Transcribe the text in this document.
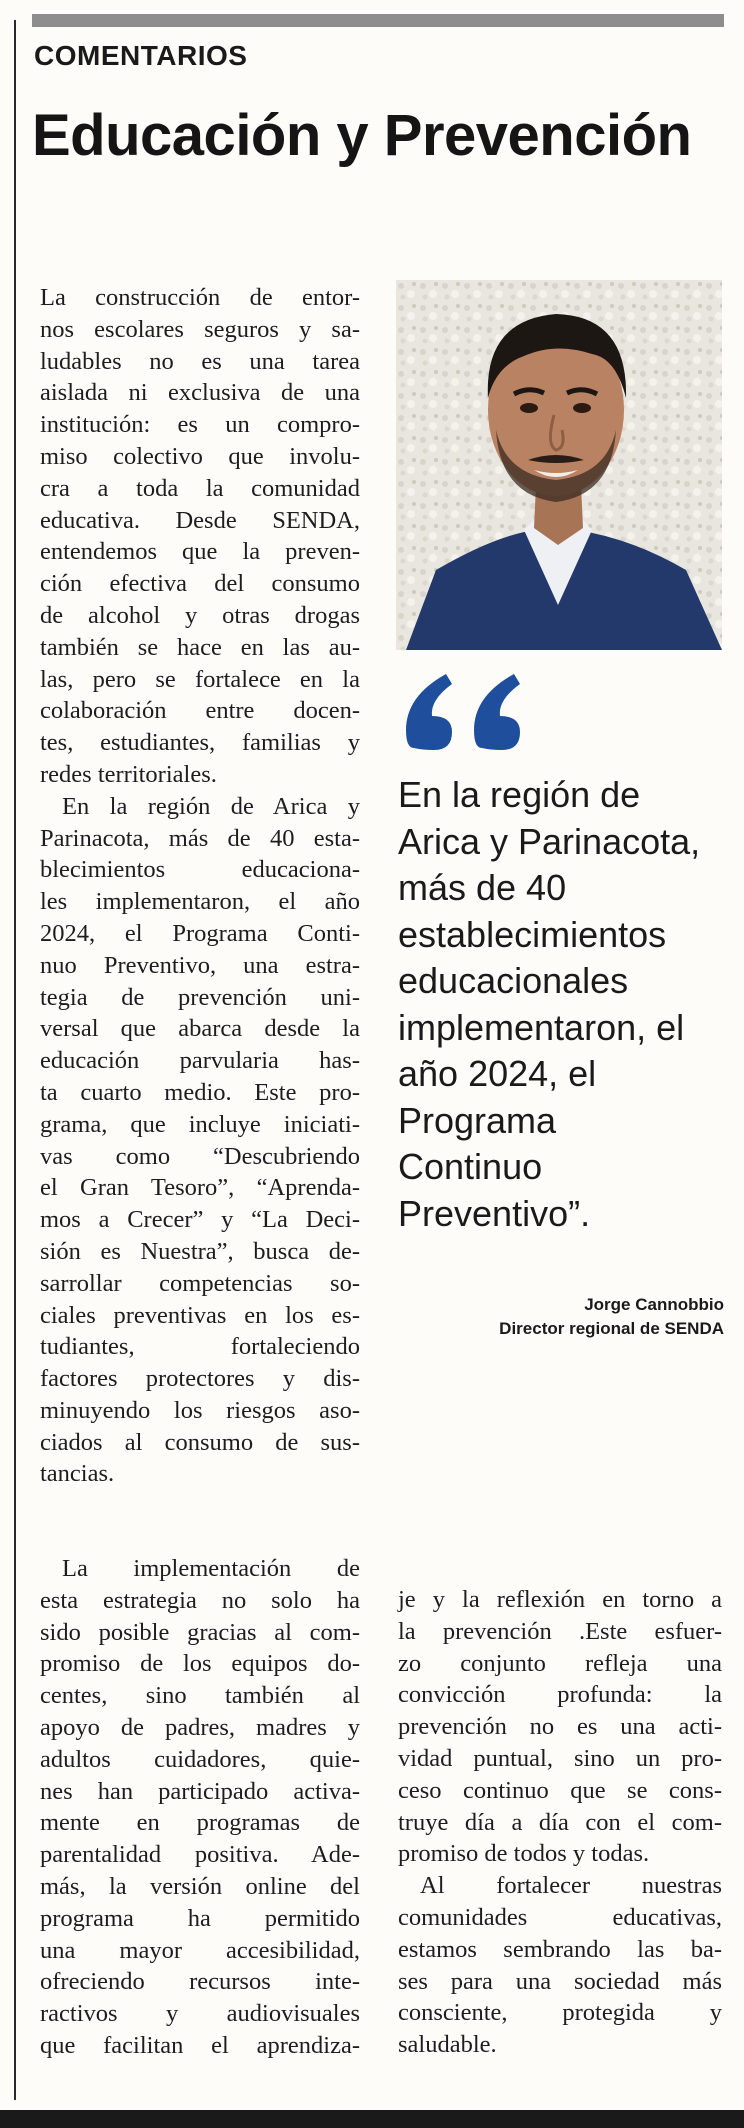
COMENTARIOS
Educación y Prevención
La construcción de entor-
nos escolares seguros y sa-
ludables no es una tarea
aislada ni exclusiva de una
institución: es un compro-
miso colectivo que involu-
cra a toda la comunidad
educativa. Desde SENDA,
entendemos que la preven-
ción efectiva del consumo
de alcohol y otras drogas
también se hace en las au-
las, pero se fortalece en la
colaboración entre docen-
tes, estudiantes, familias y
redes territoriales.
En la región de Arica y
Parinacota, más de 40 esta-
blecimientos educaciona-
les implementaron, el año
2024, el Programa Conti-
nuo Preventivo, una estra-
tegia de prevención uni-
versal que abarca desde la
educación parvularia has-
ta cuarto medio. Este pro-
grama, que incluye iniciati-
vas como “Descubriendo
el Gran Tesoro”, “Aprenda-
mos a Crecer” y “La Deci-
sión es Nuestra”, busca de-
sarrollar competencias so-
ciales preventivas en los es-
tudiantes, fortaleciendo
factores protectores y dis-
minuyendo los riesgos aso-
ciados al consumo de sus-
tancias.
La implementación de
esta estrategia no solo ha
sido posible gracias al com-
promiso de los equipos do-
centes, sino también al
apoyo de padres, madres y
adultos cuidadores, quie-
nes han participado activa-
mente en programas de
parentalidad positiva. Ade-
más, la versión online del
programa ha permitido
una mayor accesibilidad,
ofreciendo recursos inte-
ractivos y audiovisuales
que facilitan el aprendiza-
je y la reflexión en torno a
la prevención .Este esfuer-
zo conjunto refleja una
convicción profunda: la
prevención no es una acti-
vidad puntual, sino un pro-
ceso continuo que se cons-
truye día a día con el com-
promiso de todos y todas.
Al fortalecer nuestras
comunidades educativas,
estamos sembrando las ba-
ses para una sociedad más
consciente, protegida y
saludable.
En la región de
Arica y Parinacota,
más de 40
establecimientos
educacionales
implementaron, el
año 2024, el
Programa
Continuo
Preventivo”.
Jorge Cannobbio
Director regional de SENDA
